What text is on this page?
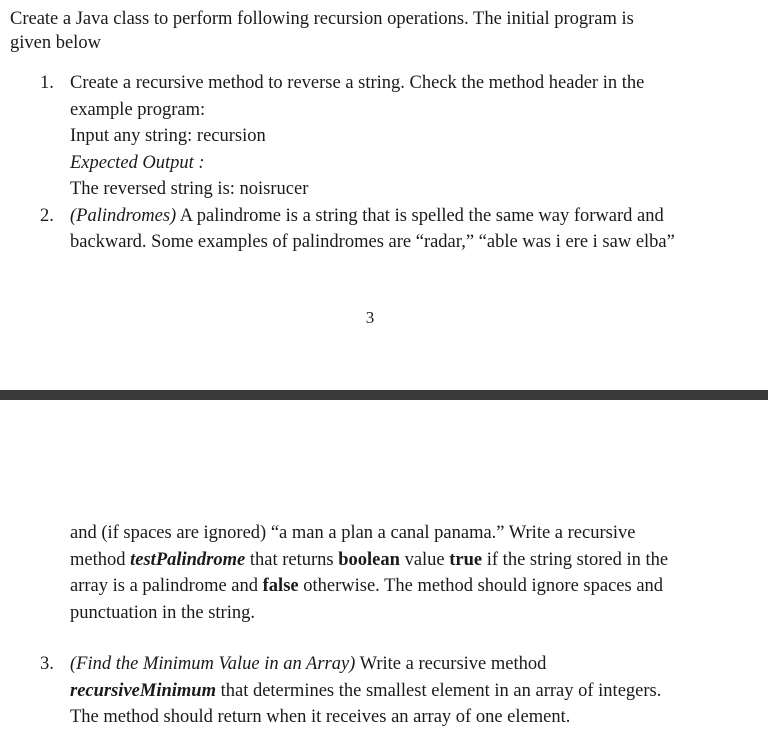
Create a Java class to perform following recursion operations. The initial program is
given below
1. Create a recursive method to reverse a string. Check the method header in the
example program:
Input any string: recursion
Expected Output :
The reversed string is: noisrucer
2. (Palindromes) A palindrome is a string that is spelled the same way forward and
backward. Some examples of palindromes are “radar,” “able was i ere i saw elba”
3
and (if spaces are ignored) “a man a plan a canal panama.” Write a recursive
method testPalindrome that returns boolean value true if the string stored in the
array is a palindrome and false otherwise. The method should ignore spaces and
punctuation in the string.
3. (Find the Minimum Value in an Array) Write a recursive method
recursiveMinimum that determines the smallest element in an array of integers.
The method should return when it receives an array of one element.
